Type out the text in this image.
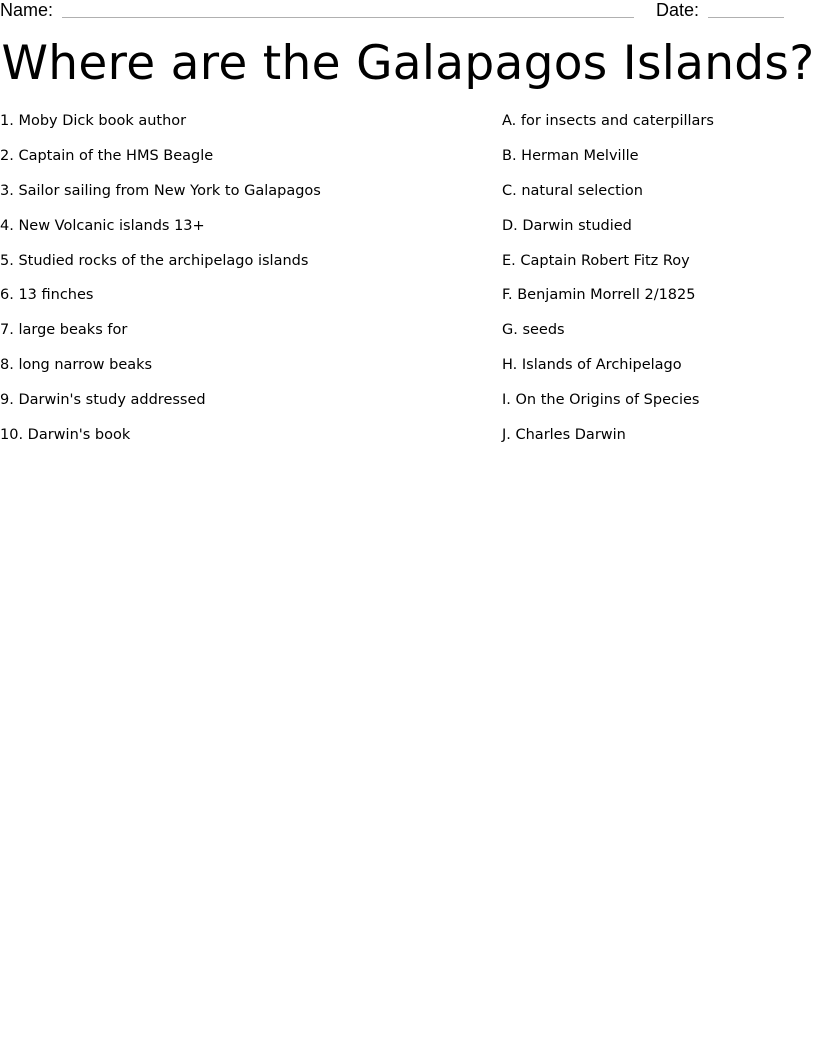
Name:	Date:
Where are the Galapagos Islands?
1. Moby Dick book author
2. Captain of the HMS Beagle
3. Sailor sailing from New York to Galapagos
4. New Volcanic islands 13+
5. Studied rocks of the archipelago islands
6. 13 finches
7. large beaks for
8. long narrow beaks
9. Darwin's study addressed
10. Darwin's book
A. for insects and caterpillars
B. Herman Melville
C. natural selection
D. Darwin studied
E. Captain Robert Fitz Roy
F. Benjamin Morrell 2/1825
G. seeds
H. Islands of Archipelago
I. On the Origins of Species
J. Charles Darwin
